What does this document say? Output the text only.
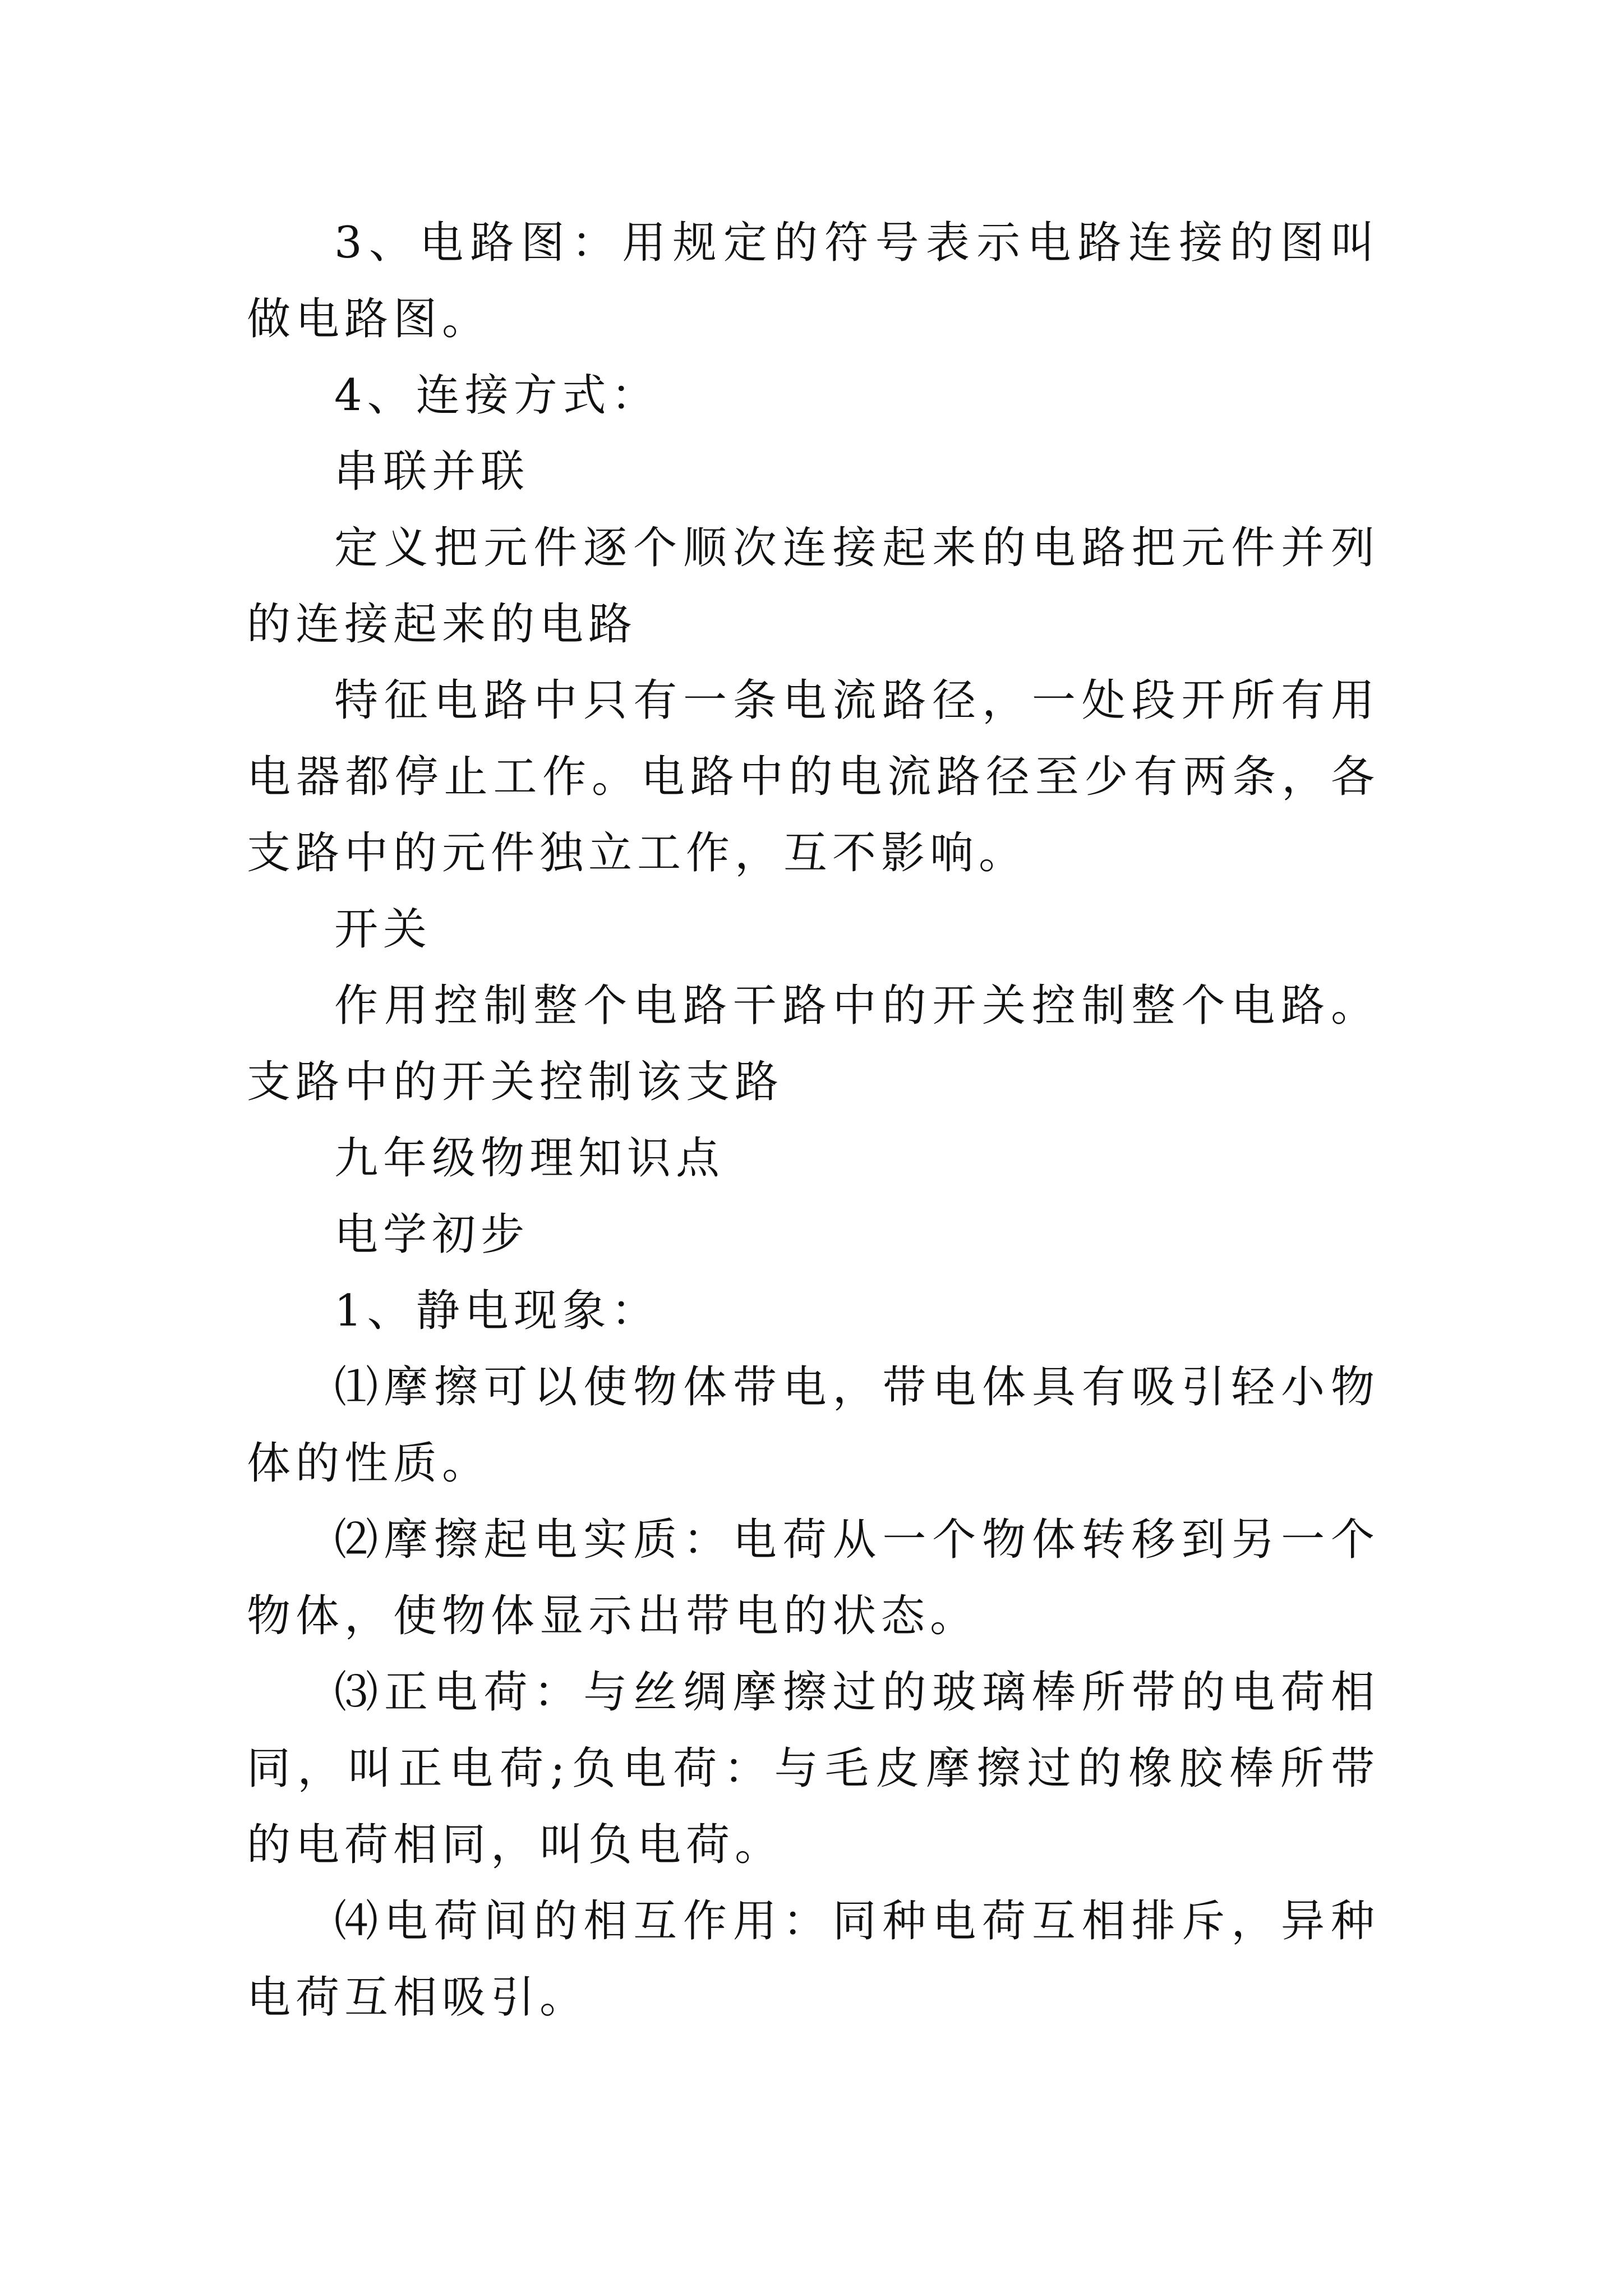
3、电路图：用规定的符号表示电路连接的图叫做电路图。

4、连接方式：

串联并联

定义把元件逐个顺次连接起来的电路把元件并列的连接起来的电路

特征电路中只有一条电流路径，一处段开所有用电器都停止工作。电路中的电流路径至少有两条，各支路中的元件独立工作，互不影响。

开关

作用控制整个电路干路中的开关控制整个电路。支路中的开关控制该支路

九年级物理知识点

电学初步

1、静电现象：

⑴摩擦可以使物体带电，带电体具有吸引轻小物体的性质。

⑵摩擦起电实质：电荷从一个物体转移到另一个物体，使物体显示出带电的状态。

⑶正电荷：与丝绸摩擦过的玻璃棒所带的电荷相同，叫正电荷;负电荷：与毛皮摩擦过的橡胶棒所带的电荷相同，叫负电荷。

⑷电荷间的相互作用：同种电荷互相排斥，异种电荷互相吸引。
